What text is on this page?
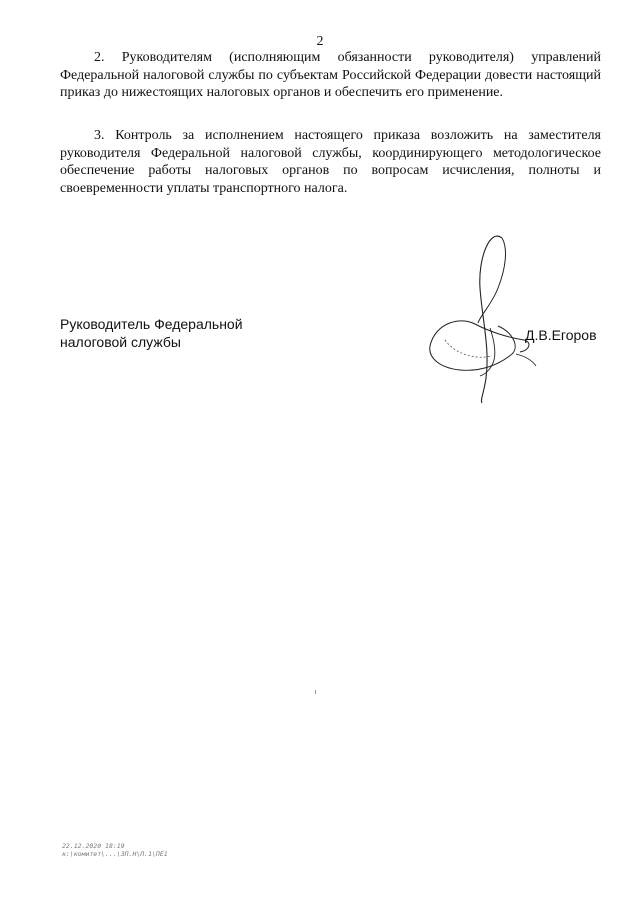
2
2. Руководителям (исполняющим обязанности руководителя) управлений Федеральной налоговой службы по субъектам Российской Федерации довести настоящий приказ до нижестоящих налоговых органов и обеспечить его применение.
3. Контроль за исполнением настоящего приказа возложить на заместителя руководителя Федеральной налоговой службы, координирующего методологическое обеспечение работы налоговых органов по вопросам исчисления, полноты и своевременности уплаты транспортного налога.
Руководитель Федеральной
налоговой службы	Д.В.Егоров
22.12.2020 18:19
к:\комитет\...\ЗП.Н\П.1\ПЕ1
